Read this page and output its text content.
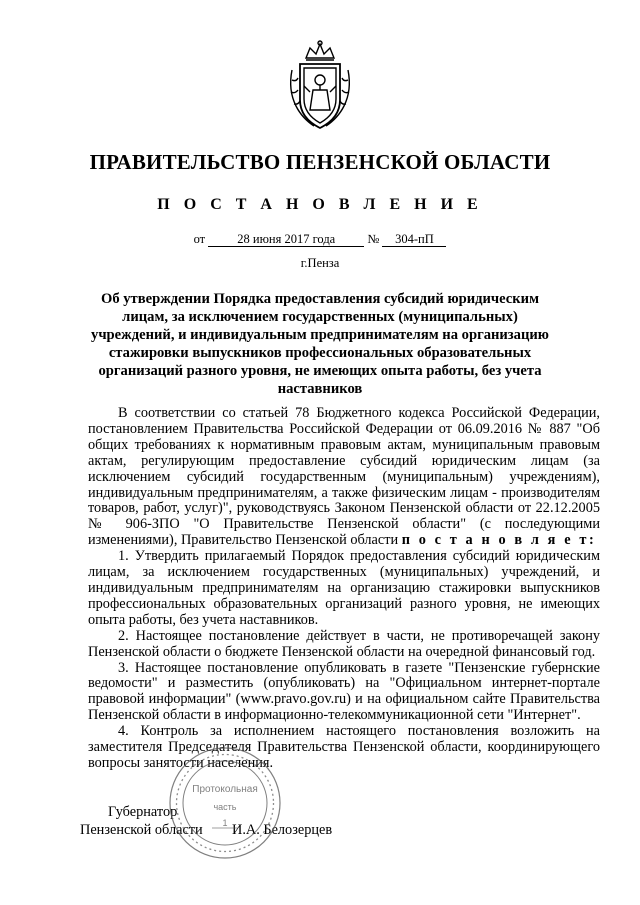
ПРАВИТЕЛЬСТВО ПЕНЗЕНСКОЙ ОБЛАСТИ
П О С Т А Н О В Л Е Н И Е
от	28 июня 2017 года	№ 304-пП
г.Пенза
Об утверждении Порядка предоставления субсидий юридическим лицам, за исключением государственных (муниципальных) учреждений, и индивидуальным предпринимателям на организацию стажировки выпускников профессиональных образовательных организаций разного уровня, не имеющих опыта работы, без учета наставников

В соответствии со статьей 78 Бюджетного кодекса Российской Федерации, постановлением Правительства Российской Федерации от 06.09.2016 № 887 "Об общих требованиях к нормативным правовым актам, муниципальным правовым актам, регулирующим предоставление субсидий юридическим лицам (за исключением субсидий государственным (муниципальным) учреждениям), индивидуальным предпринимателям, а также физическим лицам - производителям товаров, работ, услуг)", руководствуясь Законом Пензенской области от 22.12.2005 № 906-ЗПО "О Правительстве Пензенской области" (с последующими изменениями), Правительство Пензенской области п о с т а н о в л я е т:

1. Утвердить прилагаемый Порядок предоставления субсидий юридическим лицам, за исключением государственных (муниципальных) учреждений, и индивидуальным предпринимателям на организацию стажировки выпускников профессиональных образовательных организаций разного уровня, не имеющих опыта работы, без учета наставников.

2. Настоящее постановление действует в части, не противоречащей закону Пензенской области о бюджете Пензенской области на очередной финансовый год.

3. Настоящее постановление опубликовать в газете "Пензенские губернские ведомости" и разместить (опубликовать) на "Официальном интернет-портале правовой информации" (www.pravo.gov.ru) и на официальном сайте Правительства Пензенской области в информационно-телекоммуникационной сети "Интернет".

4. Контроль за исполнением настоящего постановления возложить на заместителя Председателя Правительства Пензенской области, координирующего вопросы занятости населения.

Губернатор
Пензенской области И.А. Белозерцев
Протокольная
часть
1
